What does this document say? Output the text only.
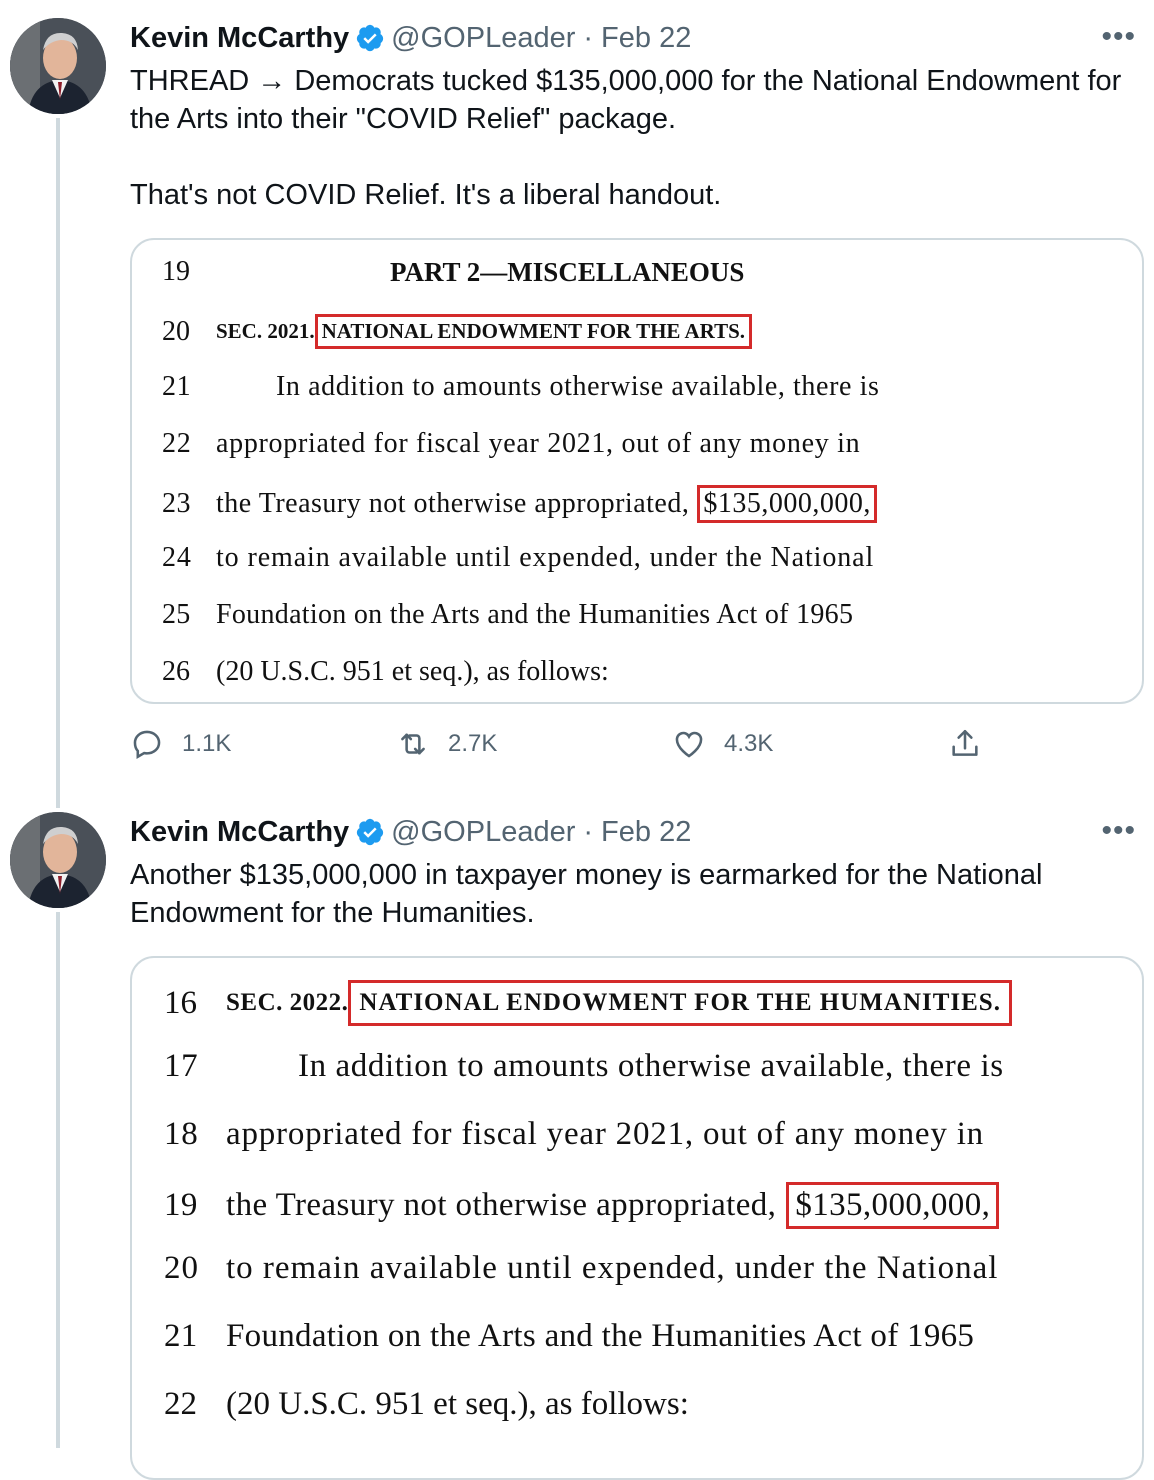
Kevin McCarthy @GOPLeader · Feb 22	•••
THREAD → Democrats tucked $135,000,000 for the National Endowment for the Arts into their "COVID Relief" package.

That's not COVID Relief. It's a liberal handout.
19	PART 2—MISCELLANEOUS
20	SEC. 2021. NATIONAL ENDOWMENT FOR THE ARTS.
21	In addition to amounts otherwise available, there is
22 appropriated for fiscal year 2021, out of any money in
23 the Treasury not otherwise appropriated, $135,000,000,
24 to remain available until expended, under the National
25 Foundation on the Arts and the Humanities Act of 1965
26 (20 U.S.C. 951 et seq.), as follows:
1.1K	2.7K	4.3K
Kevin McCarthy @GOPLeader · Feb 22	•••
Another $135,000,000 in taxpayer money is earmarked for the National Endowment for the Humanities.
16	SEC. 2022. NATIONAL ENDOWMENT FOR THE HUMANITIES.
17	In addition to amounts otherwise available, there is
18 appropriated for fiscal year 2021, out of any money in
19 the Treasury not otherwise appropriated, $135,000,000,
20 to remain available until expended, under the National
21 Foundation on the Arts and the Humanities Act of 1965
22 (20 U.S.C. 951 et seq.), as follows:
